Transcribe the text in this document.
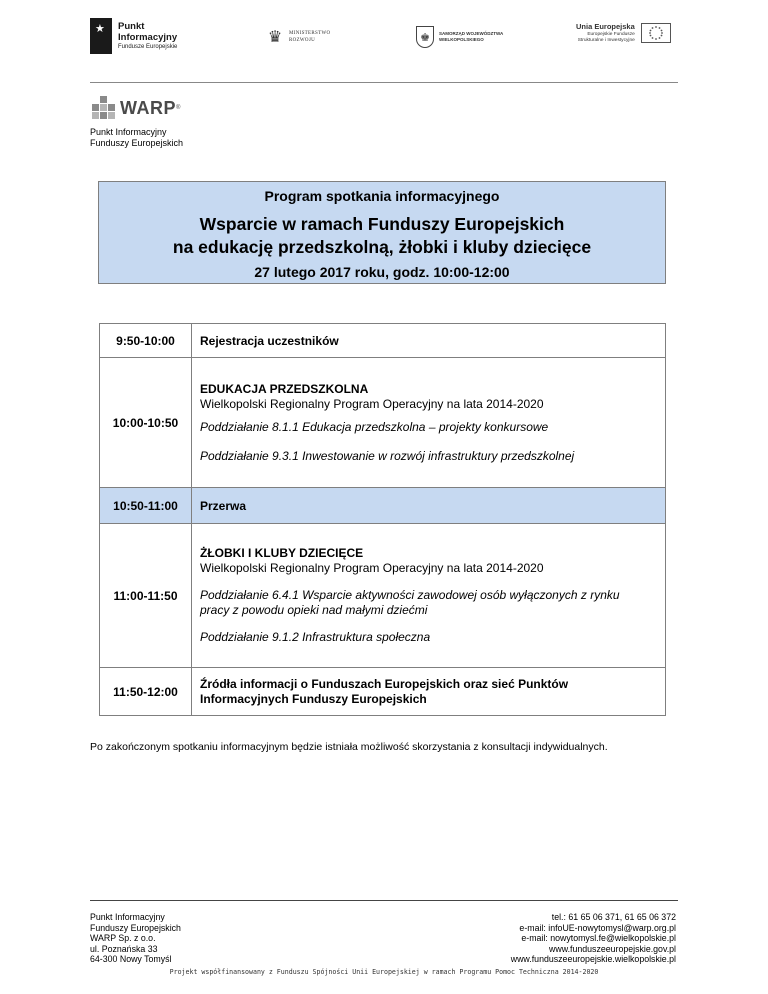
★
Punkt
Informacyjny
Fundusze Europejskie
♛	MINISTERSTWO
ROZWOJU	♚	SAMORZĄD WOJEWÓDZTWA
WIELKOPOLSKIEGO
Unia Europejska
Europejskie Fundusze
Strukturalne i Inwestycyjne
WARP ®
Punkt Informacyjny
Funduszy Europejskich
Program spotkania informacyjnego
Wsparcie w ramach Funduszy Europejskich
na edukację przedszkolną, żłobki i kluby dziecięce
27 lutego 2017 roku, godz. 10:00-12:00
9:50-10:00	Rejestracja uczestników
10:00-10:50	EDUKACJA PRZEDSZKOLNA
Wielkopolski Regionalny Program Operacyjny na lata 2014-2020
Poddziałanie 8.1.1 Edukacja przedszkolna – projekty konkursowe
Poddziałanie 9.3.1 Inwestowanie w rozwój infrastruktury przedszkolnej

10:50-11:00	Przerwa
11:00-11:50	ŻŁOBKI I KLUBY DZIECIĘCE
Wielkopolski Regionalny Program Operacyjny na lata 2014-2020
Poddziałanie 6.4.1 Wsparcie aktywności zawodowej osób wyłączonych z rynku
pracy z powodu opieki nad małymi dziećmi
Poddziałanie 9.1.2 Infrastruktura społeczna

11:50-12:00	Źródła informacji o Funduszach Europejskich oraz sieć Punktów
Informacyjnych Funduszy Europejskich
Po zakończonym spotkaniu informacyjnym będzie istniała możliwość skorzystania z konsultacji indywidualnych.
Punkt Informacyjny
Funduszy Europejskich
WARP Sp. z o.o.
ul. Poznańska 33
64-300 Nowy Tomyśl
tel.: 61 65 06 371, 61 65 06 372
e-mail: infoUE-nowytomysl@warp.org.pl
e-mail: nowytomysl.fe@wielkopolskie.pl
www.funduszeeuropejskie.gov.pl
www.funduszeeuropejskie.wielkopolskie.pl
Projekt współfinansowany z Funduszu Spójności Unii Europejskiej w ramach Programu Pomoc Techniczna 2014-2020
